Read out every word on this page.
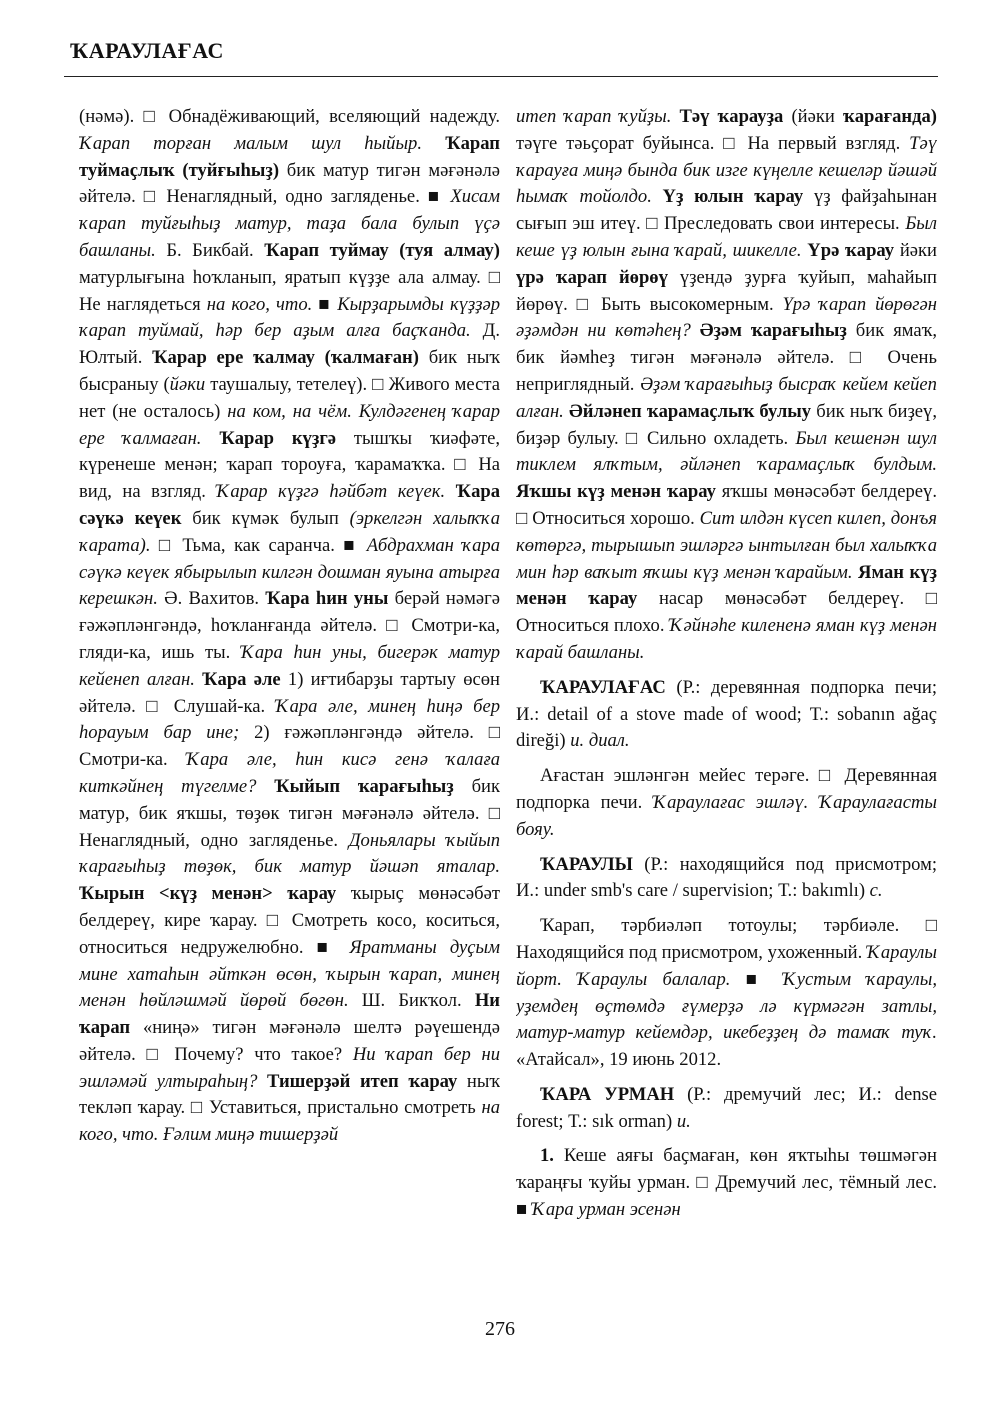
ҠАРАУЛАҒАС

(нәмә). □ Обнадёживающий, вселяющий надежду. Ҡарап торған малым шул һыйыр. Ҡарап туймаҫлыҡ (туйғыһыҙ) бик матур тигән мәғәнәлә әйтелә. □ Ненаглядный, одно загляденье. ■ Хисам ҡарап туйғыһыҙ матур, таҙа бала булып үҫә башланы. Б. Бикбай. Ҡарап туймау (туя алмау) матурлығына һоҡланып, яратып күҙҙе ала алмау. □ Не наглядеться на кого, что. ■ Кырҙарымды күҙҙәр ҡарап туймай, һәр бер аҙым алға баҫҡанда. Д. Юлтый. Ҡарар ере ҡалмау (ҡалмаған) бик ныҡ бысраныу (йәки таушалыу, тетелеү). □ Живого места нет (не осталось) на ком, на чём. Кулдәгенең ҡарар ере ҡалмаған. Ҡарар күҙгә тышҡы ҡиәфәте, күренеше менән; ҡарап тороуға, ҡарамаҡҡа. □ На вид, на взгляд. Ҡарар күҙгә һәйбәт кеүек. Ҡара сәүкә кеүек бик күмәк булып (эркелгән халыҡҡа ҡарата). □ Тьма, как саранча. ■ Абдрахман ҡара сәүкә кеүек ябырылып килгән дошман яуына атырға керешкән. Ә. Вахитов. Ҡара һин уны берәй нәмәгә ғәжәпләнгәндә, һоҡланғанда әйтелә. □ Смотри-ка, гляди-ка, ишь ты. Ҡара һин уны, бигерәк матур кейенеп алған. Ҡара әле 1) иғтибарҙы тартыу өсөн әйтелә. □ Слушай-ка. Ҡара әле, минең һиңә бер һорауым бар ине; 2) ғәжәпләнгәндә әйтелә. □ Смотри-ка. Ҡара әле, һин кисә генә ҡалаға киткәйнең түгелме? Ҡыйып ҡарағыһыҙ бик матур, бик яҡшы, төҙөк тигән мәғәнәлә әйтелә. □ Ненаглядный, одно загляденье. Доньялары ҡыйып ҡарағыһыҙ төҙөк, бик матур йәшәп яталар. Ҡырын <күҙ менән> ҡарау ҡырыҫ мөнәсәбәт белдереү, кире ҡарау. □ Смотреть косо, коситься, относиться недружелюбно. ■ Яратманы дуҫым мине хатаһын әйткән өсөн, ҡырын ҡарап, минең менән һөйләшмәй йөрөй бөгөн. Ш. Бикҡол. Ни ҡарап «ниңә» тигән мәғәнәлә шелтә рәүешендә әйтелә. □ Почему? что такое? Ни ҡарап бер ни эшләмәй ултыраһың? Тишерҙәй итеп ҡарау ныҡ текләп ҡарау. □ Уставиться, пристально смотреть на кого, что. Ғәлим миңә тишерҙәй

итеп ҡарап ҡуйҙы. Тәү ҡарауҙа (йәки ҡарағанда) тәүге тәьҫорат буйынса. □ На первый взгляд. Тәү ҡарауға миңә бында бик изге күңелле кешеләр йәшәй һымаҡ тойолдо. Үҙ юлын ҡарау үҙ файҙаһынан сығып эш итеү. □ Преследовать свои интересы. Был кеше үҙ юлын ғына ҡарай, шикелле. Үрә ҡарау йәки үрә ҡарап йөрөү үҙендә ҙурға ҡуйып, маһайып йөрөү. □ Быть высокомерным. Үрә ҡарап йөрөгән әҙәмдән ни көтәһең? Әҙәм ҡарағыһыҙ бик ямаҡ, бик йәмһеҙ тигән мәғәнәлә әйтелә. □ Очень неприглядный. Әҙәм ҡарағыһыҙ бысраҡ кейем кейеп алған. Әйләнеп ҡарамаҫлыҡ булыу бик ныҡ биҙеү, биҙәр булыу. □ Сильно охладеть. Был кешенән шул тиклем ялҡтым, әйләнеп ҡарамаҫлыҡ булдым. Яҡшы күҙ менән ҡарау яҡшы мөнәсәбәт белдереү. □ Относиться хорошо. Сит илдән күсеп килеп, донъя көтөргә, тырышып эшләргә ынтылған был халыҡҡа мин һәр ваҡыт яҡшы күҙ менән ҡарайым. Яман күҙ менән ҡарау насар мөнәсәбәт белдереү. □ Относиться плохо. Ҡәйнәһе килененә яман күҙ менән ҡарай башланы.

ҠАРАУЛАҒАС (Р.: деревянная подпорка печи; И.: detail of a stove made of wood; Т.: sobanın ağaç direği) и. диал.

Ағастан эшләнгән мейес терәге. □ Деревянная подпорка печи. Ҡараулағас эшләү. Ҡараулағасты бояу.

ҠАРАУЛЫ (Р.: находящийся под присмотром; И.: under smb's care / supervision; Т.: bakımlı) с.

Ҡарап, тәрбиәләп тотоулы; тәрбиәле. □ Находящийся под присмотром, ухоженный. Ҡараулы йорт. Ҡараулы балалар. ■ Ҡустым ҡараулы, уҙемдең өҫтөмдә ғүмерҙә лә күрмәгән затлы, матур-матур кейемдәр, икебеҙҙең дә тамаҡ туҡ. «Атайсал», 19 июнь 2012.

ҠАРА УРМАН (Р.: дремучий лес; И.: dense forest; Т.: sık orman) и.

1. Кеше аяғы баҫмаған, көн яҡтыһы төшмәгән ҡараңғы ҡуйы урман. □ Дремучий лес, тёмный лес. ■ Ҡара урман эсенән

276
